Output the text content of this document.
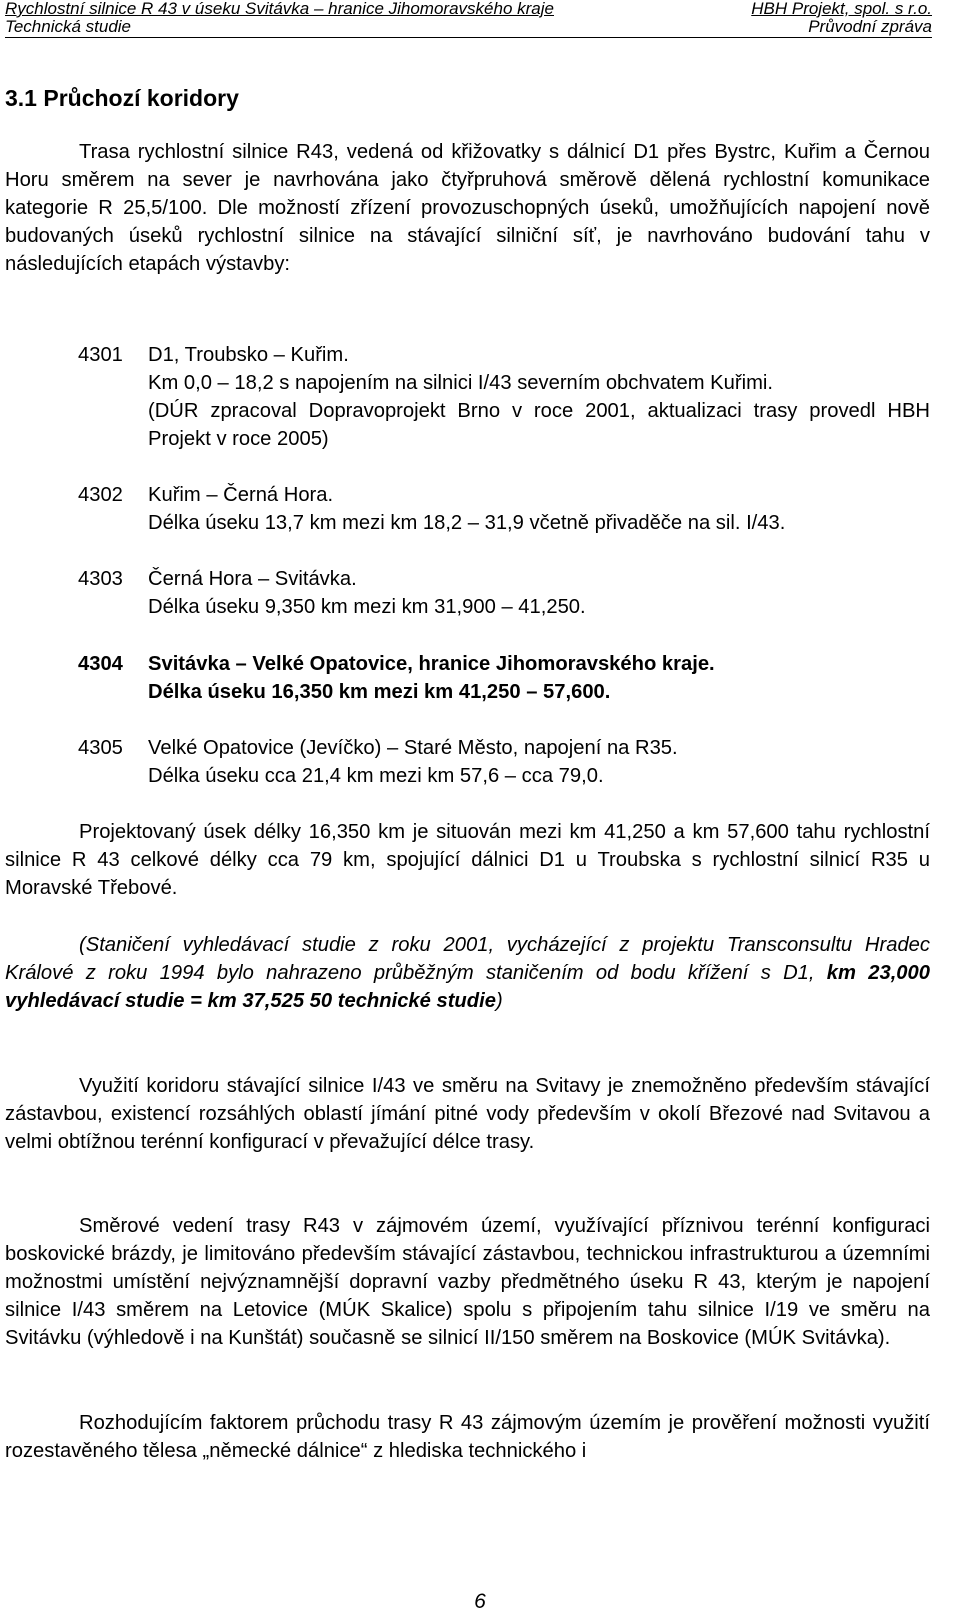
Rychlostní silnice R 43 v úseku Svitávka – hranice Jihomoravského kraje	HBH Projekt, spol. s r.o.
Technická studie	Průvodní zpráva
3.1 Průchozí koridory

Trasa rychlostní silnice R43, vedená od křižovatky s dálnicí D1 přes Bystrc, Kuřim a Černou Horu směrem na sever je navrhována jako čtyřpruhová směrově dělená rychlostní komunikace kategorie R 25,5/100. Dle možností zřízení provozuschopných úseků, umožňujících napojení nově budovaných úseků rychlostní silnice na stávající silniční síť, je navrhováno budování tahu v následujících etapách výstavby:

4301 D1, Troubsko – Kuřim.
Km 0,0 – 18,2 s napojením na silnici I/43 severním obchvatem Kuřimi.
(DÚR zpracoval Dopravoprojekt Brno v roce 2001, aktualizaci trasy provedl HBH Projekt v roce 2005)
4302 Kuřim – Černá Hora.
Délka úseku 13,7 km mezi km 18,2 – 31,9 včetně přivaděče na sil. I/43.
4303 Černá Hora – Svitávka.
Délka úseku 9,350 km mezi km 31,900 – 41,250.
4304 Svitávka – Velké Opatovice, hranice Jihomoravského kraje.
Délka úseku 16,350 km mezi km 41,250 – 57,600.
4305 Velké Opatovice (Jevíčko) – Staré Město, napojení na R35.
Délka úseku cca 21,4 km mezi km 57,6 – cca 79,0.

Projektovaný úsek délky 16,350 km je situován mezi km 41,250 a km 57,600 tahu rychlostní silnice R 43 celkové délky cca 79 km, spojující dálnici D1 u Troubska s rychlostní silnicí R35 u Moravské Třebové.

(Staničení vyhledávací studie z roku 2001, vycházející z projektu Transconsultu Hradec Králové z roku 1994 bylo nahrazeno průběžným staničením od bodu křížení s D1, km 23,000 vyhledávací studie = km 37,525 50 technické studie)

Využití koridoru stávající silnice I/43 ve směru na Svitavy je znemožněno především stávající zástavbou, existencí rozsáhlých oblastí jímání pitné vody především v okolí Březové nad Svitavou a velmi obtížnou terénní konfigurací v převažující délce trasy.

Směrové vedení trasy R43 v zájmovém území, využívající příznivou terénní konfiguraci boskovické brázdy, je limitováno především stávající zástavbou, technickou infrastrukturou a územními možnostmi umístění nejvýznamnější dopravní vazby předmětného úseku R 43, kterým je napojení silnice I/43 směrem na Letovice (MÚK Skalice) spolu s připojením tahu silnice I/19 ve směru na Svitávku (výhledově i na Kunštát) současně se silnicí II/150 směrem na Boskovice (MÚK Svitávka).

Rozhodujícím faktorem průchodu trasy R 43 zájmovým územím je prověření možnosti využití rozestavěného tělesa „německé dálnice“ z hlediska technického i

6
